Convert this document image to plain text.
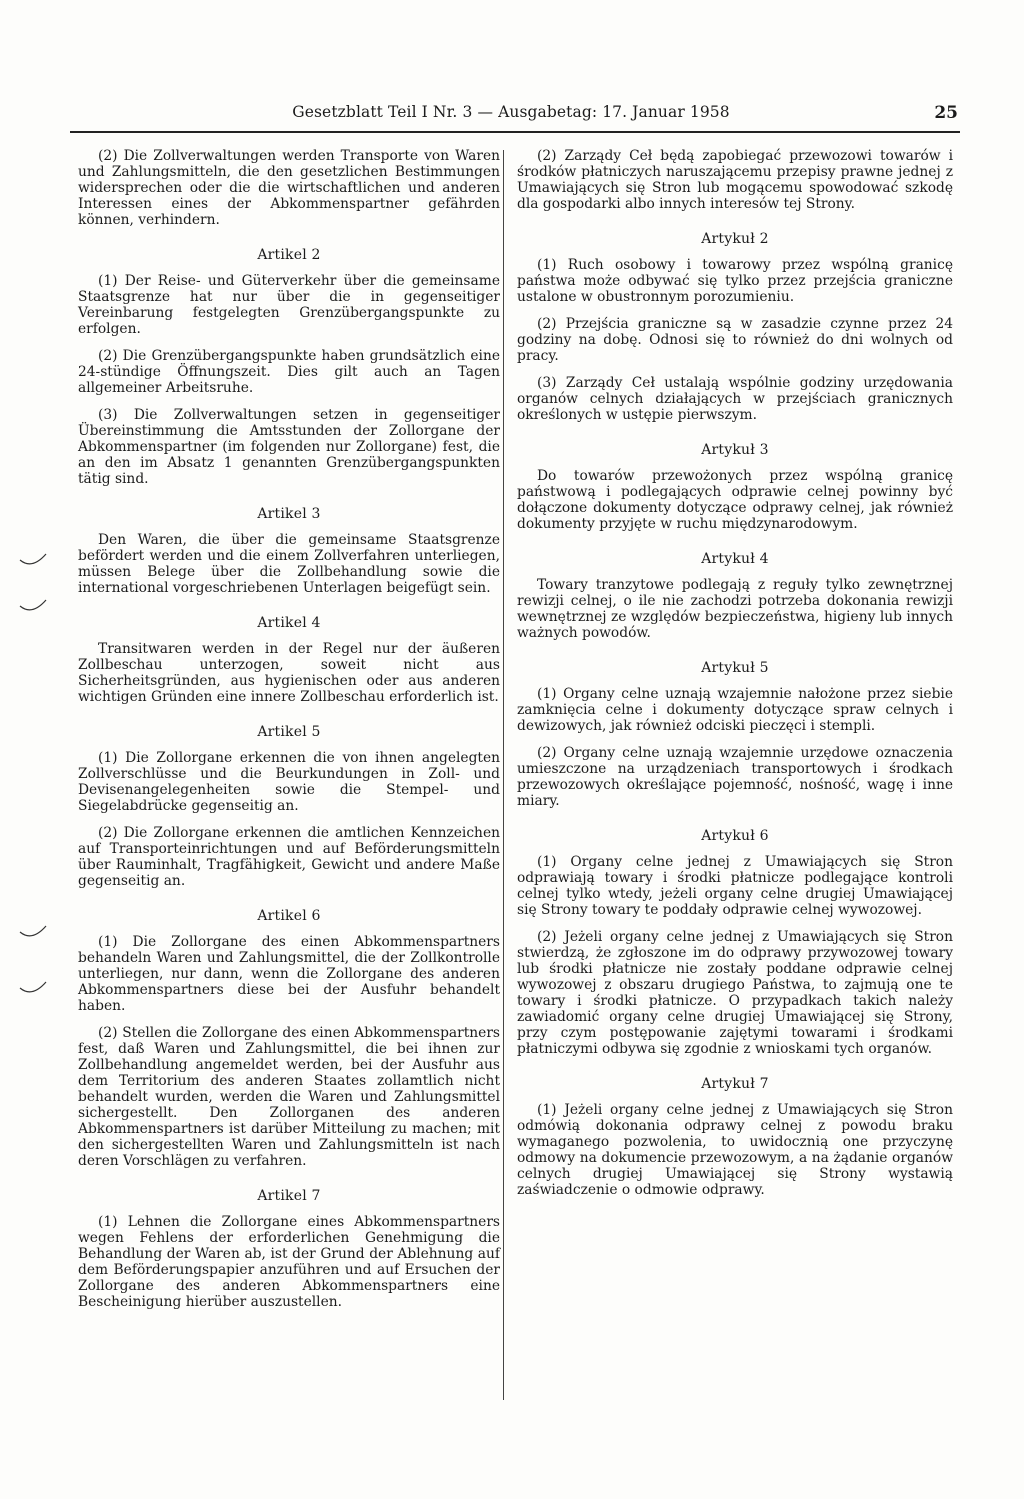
Gesetzblatt Teil I Nr. 3 — Ausgabetag: 17. Januar 1958	25

(2) Die Zollverwaltungen werden Transporte von Waren und Zahlungsmitteln, die den gesetzlichen Bestimmungen widersprechen oder die die wirtschaftlichen und anderen Interessen eines der Abkommenspartner gefährden können, verhindern.

Artikel 2

(1) Der Reise- und Güterverkehr über die gemeinsame Staatsgrenze hat nur über die in gegenseitiger Vereinbarung festgelegten Grenzübergangspunkte zu erfolgen.

(2) Die Grenzübergangspunkte haben grundsätzlich eine 24-stündige Öffnungszeit. Dies gilt auch an Tagen allgemeiner Arbeitsruhe.

(3) Die Zollverwaltungen setzen in gegenseitiger Übereinstimmung die Amtsstunden der Zollorgane der Abkommenspartner (im folgenden nur Zollorgane) fest, die an den im Absatz 1 genannten Grenzübergangspunkten tätig sind.

Artikel 3

Den Waren, die über die gemeinsame Staatsgrenze befördert werden und die einem Zollverfahren unterliegen, müssen Belege über die Zollbehandlung sowie die international vorgeschriebenen Unterlagen beigefügt sein.

Artikel 4

Transitwaren werden in der Regel nur der äußeren Zollbeschau unterzogen, soweit nicht aus Sicherheitsgründen, aus hygienischen oder aus anderen wichtigen Gründen eine innere Zollbeschau erforderlich ist.

Artikel 5

(1) Die Zollorgane erkennen die von ihnen angelegten Zollverschlüsse und die Beurkundungen in Zoll- und Devisenangelegenheiten sowie die Stempel- und Siegelabdrücke gegenseitig an.

(2) Die Zollorgane erkennen die amtlichen Kennzeichen auf Transporteinrichtungen und auf Beförderungsmitteln über Rauminhalt, Tragfähigkeit, Gewicht und andere Maße gegenseitig an.

Artikel 6

(1) Die Zollorgane des einen Abkommenspartners behandeln Waren und Zahlungsmittel, die der Zollkontrolle unterliegen, nur dann, wenn die Zollorgane des anderen Abkommenspartners diese bei der Ausfuhr behandelt haben.

(2) Stellen die Zollorgane des einen Abkommenspartners fest, daß Waren und Zahlungsmittel, die bei ihnen zur Zollbehandlung angemeldet werden, bei der Ausfuhr aus dem Territorium des anderen Staates zollamtlich nicht behandelt wurden, werden die Waren und Zahlungsmittel sichergestellt. Den Zollorganen des anderen Abkommenspartners ist darüber Mitteilung zu machen; mit den sichergestellten Waren und Zahlungsmitteln ist nach deren Vorschlägen zu verfahren.

Artikel 7

(1) Lehnen die Zollorgane eines Abkommenspartners wegen Fehlens der erforderlichen Genehmigung die Behandlung der Waren ab, ist der Grund der Ablehnung auf dem Beförderungspapier anzuführen und auf Ersuchen der Zollorgane des anderen Abkommenspartners eine Bescheinigung hierüber auszustellen.

(2) Zarządy Ceł będą zapobiegać przewozowi towarów i środków płatniczych naruszającemu przepisy prawne jednej z Umawiających się Stron lub mogącemu spowodować szkodę dla gospodarki albo innych interesów tej Strony.

Artykuł 2

(1) Ruch osobowy i towarowy przez wspólną granicę państwa może odbywać się tylko przez przejścia graniczne ustalone w obustronnym porozumieniu.

(2) Przejścia graniczne są w zasadzie czynne przez 24 godziny na dobę. Odnosi się to również do dni wolnych od pracy.

(3) Zarządy Ceł ustalają wspólnie godziny urzędowania organów celnych działających w przejściach granicznych określonych w ustępie pierwszym.

Artykuł 3

Do towarów przewożonych przez wspólną granicę państwową i podlegających odprawie celnej powinny być dołączone dokumenty dotyczące odprawy celnej, jak również dokumenty przyjęte w ruchu międzynarodowym.

Artykuł 4

Towary tranzytowe podlegają z reguły tylko zewnętrznej rewizji celnej, o ile nie zachodzi potrzeba dokonania rewizji wewnętrznej ze względów bezpieczeństwa, higieny lub innych ważnych powodów.

Artykuł 5

(1) Organy celne uznają wzajemnie nałożone przez siebie zamknięcia celne i dokumenty dotyczące spraw celnych i dewizowych, jak również odciski pieczęci i stempli.

(2) Organy celne uznają wzajemnie urzędowe oznaczenia umieszczone na urządzeniach transportowych i środkach przewozowych określające pojemność, nośność, wagę i inne miary.

Artykuł 6

(1) Organy celne jednej z Umawiających się Stron odprawiają towary i środki płatnicze podlegające kontroli celnej tylko wtedy, jeżeli organy celne drugiej Umawiającej się Strony towary te poddały odprawie celnej wywozowej.

(2) Jeżeli organy celne jednej z Umawiających się Stron stwierdzą, że zgłoszone im do odprawy przywozowej towary lub środki płatnicze nie zostały poddane odprawie celnej wywozowej z obszaru drugiego Państwa, to zajmują one te towary i środki płatnicze. O przypadkach takich należy zawiadomić organy celne drugiej Umawiającej się Strony, przy czym postępowanie zajętymi towarami i środkami płatniczymi odbywa się zgodnie z wnioskami tych organów.

Artykuł 7

(1) Jeżeli organy celne jednej z Umawiających się Stron odmówią dokonania odprawy celnej z powodu braku wymaganego pozwolenia, to uwidocznią one przyczynę odmowy na dokumencie przewozowym, a na żądanie organów celnych drugiej Umawiającej się Strony wystawią zaświadczenie o odmowie odprawy.
